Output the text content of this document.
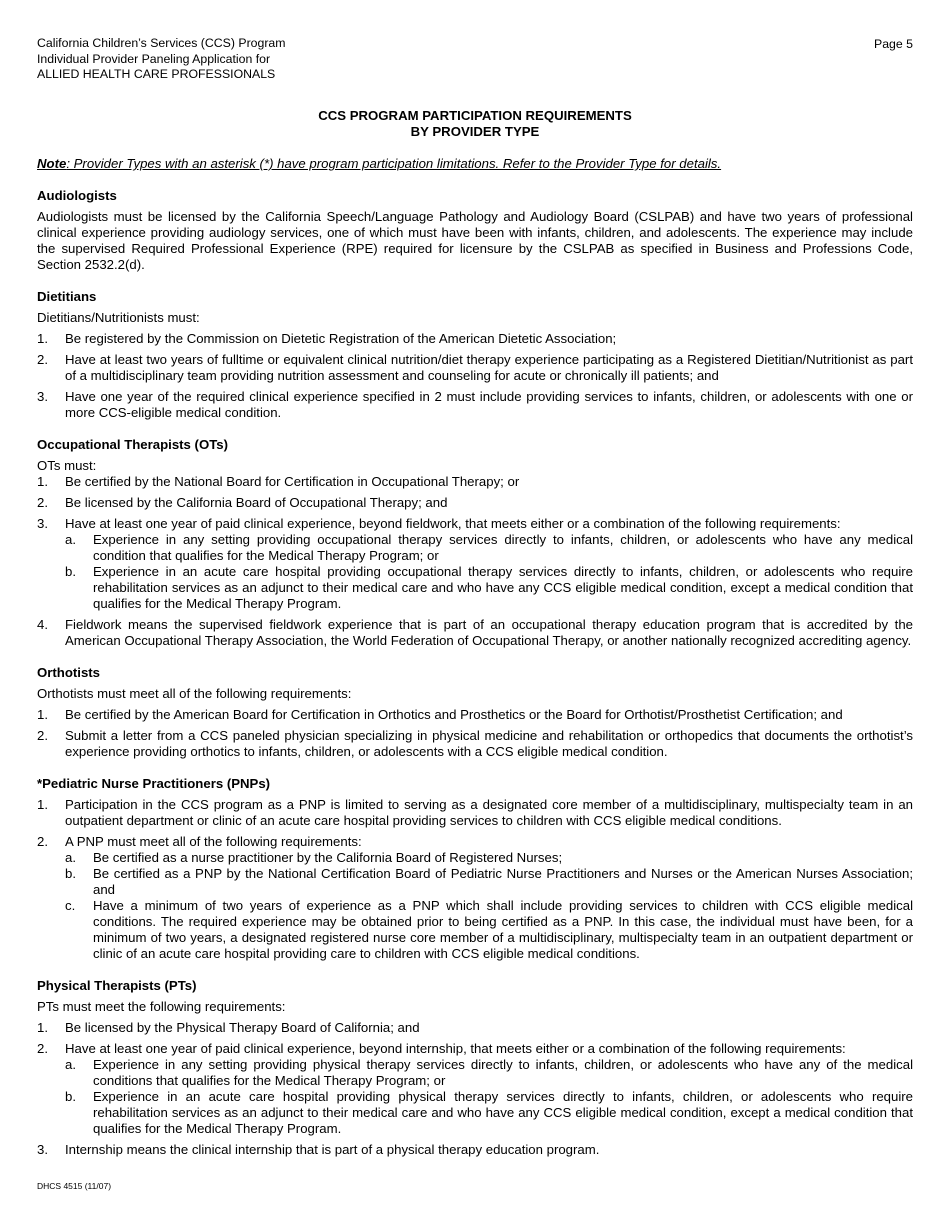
California Children’s Services (CCS) Program
Individual Provider Paneling Application for
ALLIED HEALTH CARE PROFESSIONALS
Page 5
CCS PROGRAM PARTICIPATION REQUIREMENTS
BY PROVIDER TYPE
Note: Provider Types with an asterisk (*) have program participation limitations. Refer to the Provider Type for details.
Audiologists

Audiologists must be licensed by the California Speech/Language Pathology and Audiology Board (CSLPAB) and have two years of professional clinical experience providing audiology services, one of which must have been with infants, children, and adolescents. The experience may include the supervised Required Professional Experience (RPE) required for licensure by the CSLPAB as specified in Business and Professions Code, Section 2532.2(d).

Dietitians

Dietitians/Nutritionists must:

1. Be registered by the Commission on Dietetic Registration of the American Dietetic Association;
2. Have at least two years of fulltime or equivalent clinical nutrition/diet therapy experience participating as a Registered Dietitian/Nutritionist as part of a multidisciplinary team providing nutrition assessment and counseling for acute or chronically ill patients; and
3. Have one year of the required clinical experience specified in 2 must include providing services to infants, children, or adolescents with one or more CCS-eligible medical condition.
Occupational Therapists (OTs)

OTs must:

1. Be certified by the National Board for Certification in Occupational Therapy; or
2. Be licensed by the California Board of Occupational Therapy; and
3. Have at least one year of paid clinical experience, beyond fieldwork, that meets either or a combination of the following requirements:
a. Experience in any setting providing occupational therapy services directly to infants, children, or adolescents who have any medical condition that qualifies for the Medical Therapy Program; or
b. Experience in an acute care hospital providing occupational therapy services directly to infants, children, or adolescents who require rehabilitation services as an adjunct to their medical care and who have any CCS eligible medical condition, except a medical condition that qualifies for the Medical Therapy Program.
4. Fieldwork means the supervised fieldwork experience that is part of an occupational therapy education program that is accredited by the American Occupational Therapy Association, the World Federation of Occupational Therapy, or another nationally recognized accrediting agency.
Orthotists

Orthotists must meet all of the following requirements:

1. Be certified by the American Board for Certification in Orthotics and Prosthetics or the Board for Orthotist/Prosthetist Certification; and
2. Submit a letter from a CCS paneled physician specializing in physical medicine and rehabilitation or orthopedics that documents the orthotist’s experience providing orthotics to infants, children, or adolescents with a CCS eligible medical condition.
*Pediatric Nurse Practitioners (PNPs)
1. Participation in the CCS program as a PNP is limited to serving as a designated core member of a multidisciplinary, multispecialty team in an outpatient department or clinic of an acute care hospital providing services to children with CCS eligible medical conditions.
2. A PNP must meet all of the following requirements:
a. Be certified as a nurse practitioner by the California Board of Registered Nurses;
b. Be certified as a PNP by the National Certification Board of Pediatric Nurse Practitioners and Nurses or the American Nurses Association; and
c. Have a minimum of two years of experience as a PNP which shall include providing services to children with CCS eligible medical conditions. The required experience may be obtained prior to being certified as a PNP. In this case, the individual must have been, for a minimum of two years, a designated registered nurse core member of a multidisciplinary, multispecialty team in an outpatient department or clinic of an acute care hospital providing care to children with CCS eligible medical conditions.
Physical Therapists (PTs)

PTs must meet the following requirements:

1. Be licensed by the Physical Therapy Board of California; and
2. Have at least one year of paid clinical experience, beyond internship, that meets either or a combination of the following requirements:
a. Experience in any setting providing physical therapy services directly to infants, children, or adolescents who have any of the medical conditions that qualifies for the Medical Therapy Program; or
b. Experience in an acute care hospital providing physical therapy services directly to infants, children, or adolescents who require rehabilitation services as an adjunct to their medical care and who have any CCS eligible medical condition, except a medical condition that qualifies for the Medical Therapy Program.
3. Internship means the clinical internship that is part of a physical therapy education program.
DHCS 4515 (11/07)
